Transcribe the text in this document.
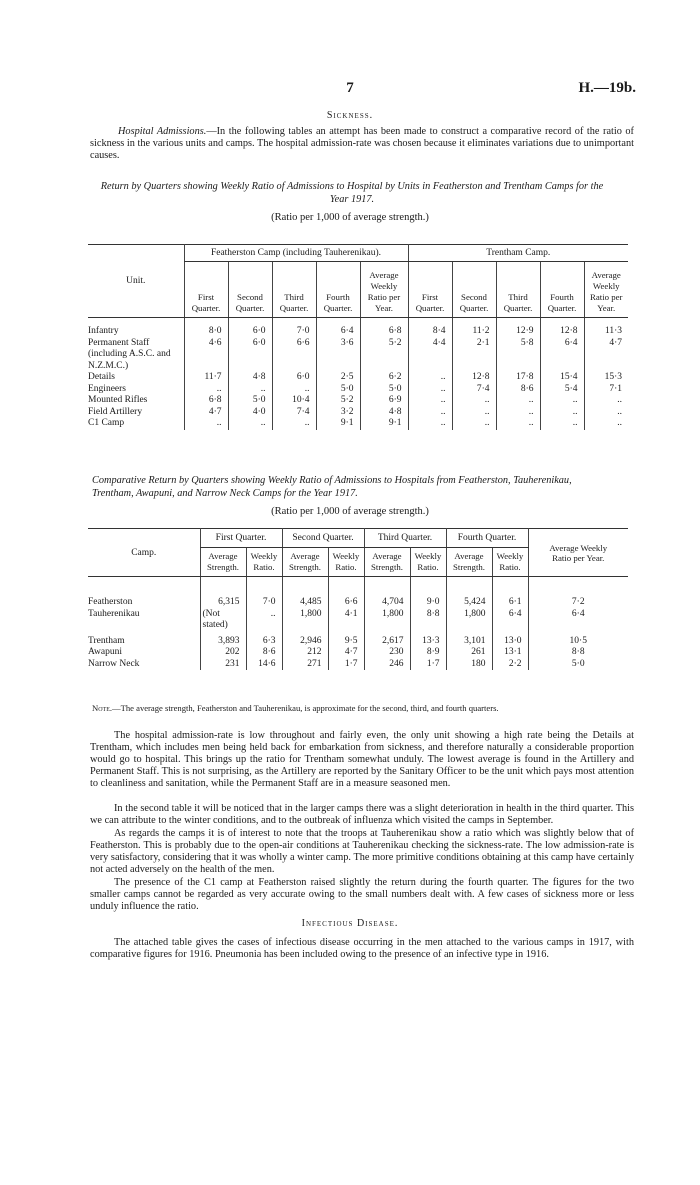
7	H.—19b.
Sickness.

Hospital Admissions.—In the following tables an attempt has been made to construct a comparative record of the ratio of sickness in the various units and camps. The hospital admission-rate was chosen because it eliminates variations due to unimportant causes.

Return by Quarters showing Weekly Ratio of Admissions to Hospital by Units in Featherston and Trentham Camps for the Year 1917.
(Ratio per 1,000 of average strength.)
Unit.	Featherston Camp (including Tauherenikau).					Trentham Camp.				
	First Quarter.	Second Quarter.	Third Quarter.	Fourth Quarter.	Average Weekly Ratio per Year.	First Quarter.	Second Quarter.	Third Quarter.	Fourth Quarter.	Average Weekly Ratio per Year.
Infantry	8·0	6·0	7·0	6·4	6·8	8·4	11·2	12·9	12·8	11·3
Permanent Staff (including A.S.C. and N.Z.M.C.)	4·6	6·0	6·6	3·6	5·2	4·4	2·1	5·8	6·4	4·7
Details	11·7	4·8	6·0	2·5	6·2	..	12·8	17·8	15·4	15·3
Engineers	..	..	..	5·0	5·0	..	7·4	8·6	5·4	7·1
Mounted Rifles	6·8	5·0	10·4	5·2	6·9	..	..	..	..	..
Field Artillery	4·7	4·0	7·4	3·2	4·8	..	..	..	..	..
C1 Camp	..	..	..	9·1	9·1	..	..	..	..	..
Comparative Return by Quarters showing Weekly Ratio of Admissions to Hospitals from Featherston, Tauherenikau, Trentham, Awapuni, and Narrow Neck Camps for the Year 1917.
(Ratio per 1,000 of average strength.)
Camp.	First Quarter.		Second Quarter.		Third Quarter.		Fourth Quarter.		Average Weekly Ratio per Year.
	Average Strength.	Weekly Ratio.	Average Strength.	Weekly Ratio.	Average Strength.	Weekly Ratio.	Average Strength.	Weekly Ratio.	
Featherston	6,315	7·0	4,485	6·6	4,704	9·0	5,424	6·1	7·2
Tauherenikau	(Not stated)	..	1,800	4·1	1,800	8·8	1,800	6·4	6·4
Trentham	3,893	6·3	2,946	9·5	2,617	13·3	3,101	13·0	10·5
Awapuni	202	8·6	212	4·7	230	8·9	261	13·1	8·8
Narrow Neck	231	14·6	271	1·7	246	1·7	180	2·2	5·0
Note.—The average strength, Featherston and Tauherenikau, is approximate for the second, third, and fourth quarters.

The hospital admission-rate is low throughout and fairly even, the only unit showing a high rate being the Details at Trentham, which includes men being held back for embarkation from sickness, and therefore naturally a considerable proportion would go to hospital. This brings up the ratio for Trentham somewhat unduly. The lowest average is found in the Artillery and Permanent Staff. This is not surprising, as the Artillery are reported by the Sanitary Officer to be the unit which pays most attention to cleanliness and sanitation, while the Permanent Staff are in a measure seasoned men.

In the second table it will be noticed that in the larger camps there was a slight deterioration in health in the third quarter. This we can attribute to the winter conditions, and to the outbreak of influenza which visited the camps in September.

As regards the camps it is of interest to note that the troops at Tauherenikau show a ratio which was slightly below that of Featherston. This is probably due to the open-air conditions at Tauherenikau checking the sickness-rate. The low admission-rate is very satisfactory, considering that it was wholly a winter camp. The more primitive conditions obtaining at this camp have certainly not acted adversely on the health of the men.

The presence of the C1 camp at Featherston raised slightly the return during the fourth quarter. The figures for the two smaller camps cannot be regarded as very accurate owing to the small numbers dealt with. A few cases of sickness more or less unduly influence the ratio.

Infectious Disease.

The attached table gives the cases of infectious disease occurring in the men attached to the various camps in 1917, with comparative figures for 1916. Pneumonia has been included owing to the presence of an infective type in 1916.
